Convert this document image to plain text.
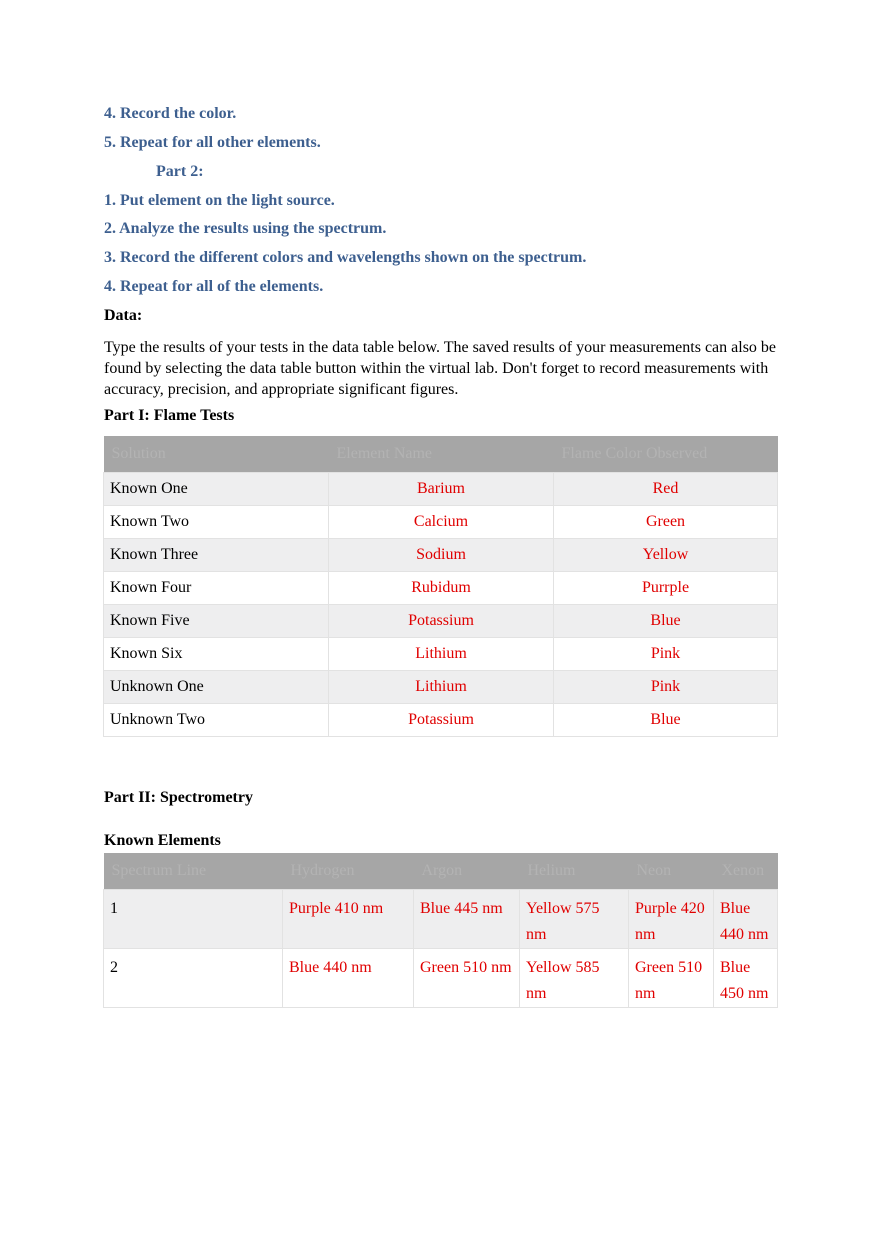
4. Record the color.
5. Repeat for all other elements.
Part 2:
1. Put element on the light source.
2. Analyze the results using the spectrum.
3. Record the different colors and wavelengths shown on the spectrum.
4. Repeat for all of the elements.
Data:
Type the results of your tests in the data table below. The saved results of your measurements can also be found by selecting the data table button within the virtual lab. Don't forget to record measurements with accuracy, precision, and appropriate significant figures.
Part I: Flame Tests
Solution	Element Name	Flame Color Observed
Known One	Barium	Red
Known Two	Calcium	Green
Known Three	Sodium	Yellow
Known Four	Rubidum	Purrple
Known Five	Potassium	Blue
Known Six	Lithium	Pink
Unknown One	Lithium	Pink
Unknown Two	Potassium	Blue
Part II: Spectrometry
Known Elements
Spectrum Line	Hydrogen	Argon	Helium	Neon	Xenon
1	Purple 410 nm	Blue 445 nm	Yellow 575 nm	Purple 420 nm	Blue 440 nm
2	Blue 440 nm	Green 510 nm	Yellow 585 nm	Green 510 nm	Blue 450 nm
